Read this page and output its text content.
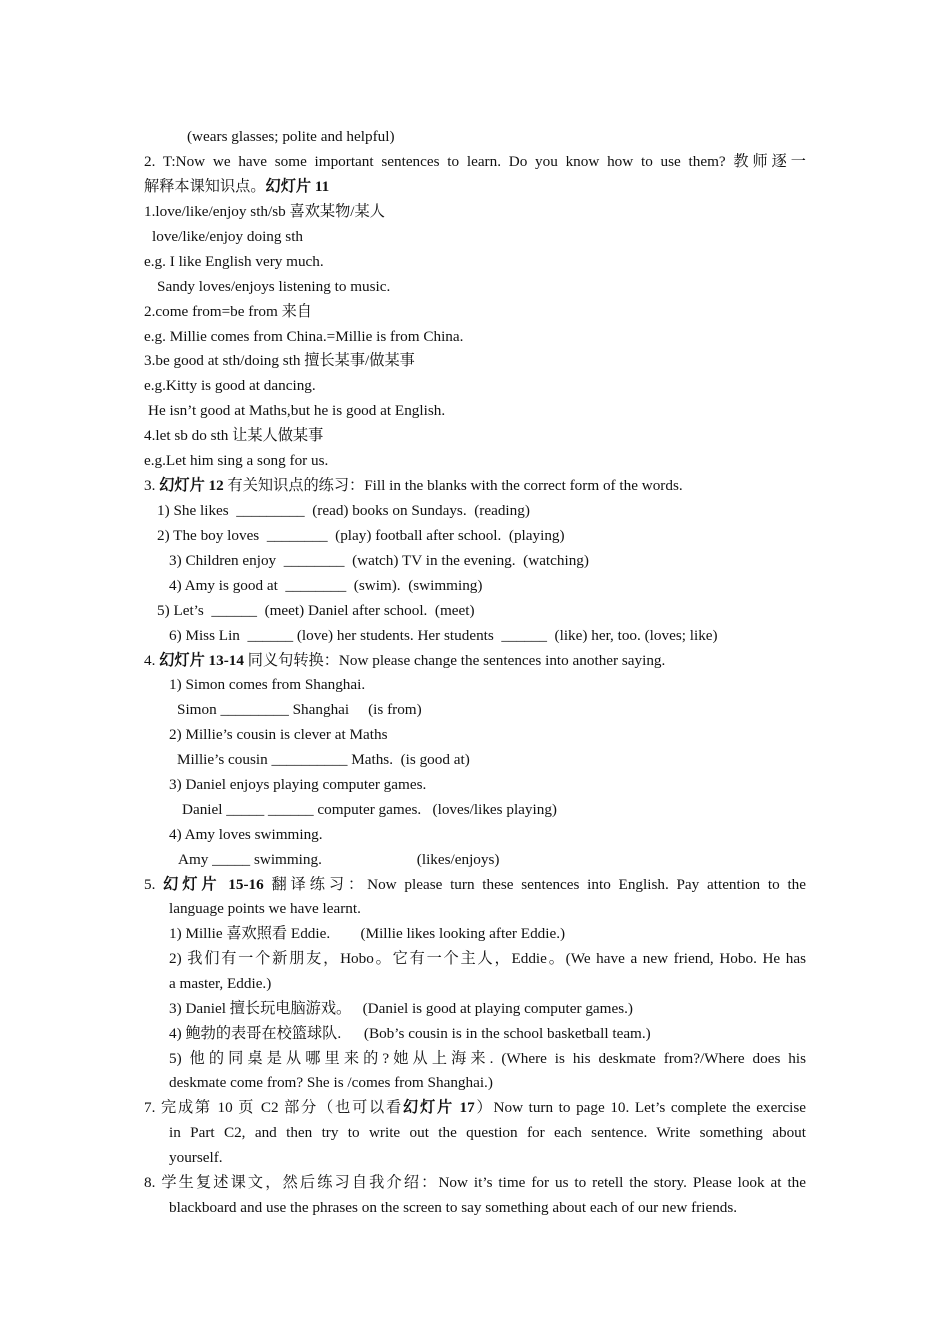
(wears glasses; polite and helpful)
2. T:Now we have some important sentences to learn. Do you know how to use them? 教师逐一
解释本课知识点。幻灯片 11
1.love/like/enjoy sth/sb 喜欢某物/某人
love/like/enjoy doing sth
e.g. I like English very much.
Sandy loves/enjoys listening to music.
2.come from=be from 来自
e.g. Millie comes from China.=Millie is from China.
3.be good at sth/doing sth 擅长某事/做某事
e.g.Kitty is good at dancing.
He isn’t good at Maths,but he is good at English.
4.let sb do sth 让某人做某事
e.g.Let him sing a song for us.
3. 幻灯片 12 有关知识点的练习：Fill in the blanks with the correct form of the words.
1) She likes  _________  (read) books on Sundays.  (reading)
2) The boy loves  ________  (play) football after school.  (playing)
3) Children enjoy  ________  (watch) TV in the evening.  (watching)
4) Amy is good at  ________  (swim).  (swimming)
5) Let’s  ______  (meet) Daniel after school.  (meet)
6) Miss Lin  ______ (love) her students. Her students  ______  (like) her, too. (loves; like)
4. 幻灯片 13-14 同义句转换：Now please change the sentences into another saying.
1) Simon comes from Shanghai.
Simon _________ Shanghai     (is from)
2) Millie’s cousin is clever at Maths
Millie’s cousin __________ Maths.  (is good at)
3) Daniel enjoys playing computer games.
Daniel _____ ______ computer games.   (loves/likes playing)
4) Amy loves swimming.
Amy _____ swimming.                         (likes/enjoys)
5. 幻灯片 15-16 翻译练习：Now please turn these sentences into English. Pay attention to the
language points we have learnt.
1) Millie 喜欢照看 Eddie.        (Millie likes looking after Eddie.)
2) 我们有一个新朋友，Hobo。它有一个主人，Eddie。(We have a new friend, Hobo. He has
a master, Eddie.)
3) Daniel 擅长玩电脑游戏。   (Daniel is good at playing computer games.)
4) 鲍勃的表哥在校篮球队.      (Bob’s cousin is in the school basketball team.)
5) 他的同桌是从哪里来的?她从上海来. (Where is his deskmate from?/Where does his
deskmate come from? She is /comes from Shanghai.)
7. 完成第 10 页 C2 部分（也可以看幻灯片 17）Now turn to page 10. Let’s complete the exercise
in Part C2, and then try to write out the question for each sentence. Write something about
yourself.
8. 学生复述课文，然后练习自我介绍：Now it’s time for us to retell the story. Please look at the
blackboard and use the phrases on the screen to say something about each of our new friends.
